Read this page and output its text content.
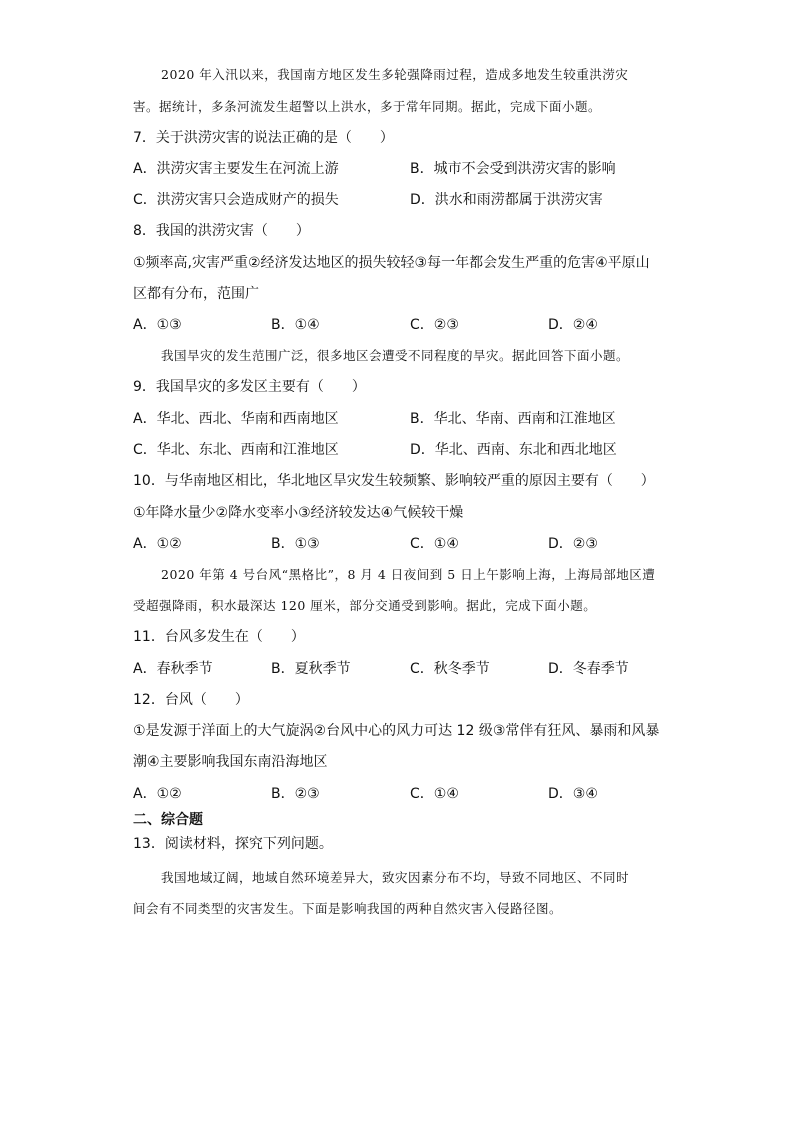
2020 年入汛以来，我国南方地区发生多轮强降雨过程，造成多地发生较重洪涝灾
害。据统计，多条河流发生超警以上洪水，多于常年同期。据此，完成下面小题。
7．关于洪涝灾害的说法正确的是（　　）
A．洪涝灾害主要发生在河流上游	B．城市不会受到洪涝灾害的影响
C．洪涝灾害只会造成财产的损失	D．洪水和雨涝都属于洪涝灾害
8．我国的洪涝灾害（　　）
①频率高,灾害严重②经济发达地区的损失较轻③每一年都会发生严重的危害④平原山
区都有分布，范围广
A．①③	B．①④	C．②③	D．②④
我国旱灾的发生范围广泛，很多地区会遭受不同程度的旱灾。据此回答下面小题。
9．我国旱灾的多发区主要有（　　）
A．华北、西北、华南和西南地区	B．华北、华南、西南和江淮地区
C．华北、东北、西南和江淮地区	D．华北、西南、东北和西北地区
10．与华南地区相比，华北地区旱灾发生较频繁、影响较严重的原因主要有（　　）
①年降水量少②降水变率小③经济较发达④气候较干燥
A．①②	B．①③	C．①④	D．②③
2020 年第 4 号台风“黑格比”，8 月 4 日夜间到 5 日上午影响上海，上海局部地区遭
受超强降雨，积水最深达 120 厘米，部分交通受到影响。据此，完成下面小题。
11．台风多发生在（　　）
A．春秋季节	B．夏秋季节	C．秋冬季节	D．冬春季节
12．台风（　　）
①是发源于洋面上的大气旋涡②台风中心的风力可达 12 级③常伴有狂风、暴雨和风暴
潮④主要影响我国东南沿海地区
A．①②	B．②③	C．①④	D．③④
二、综合题
13．阅读材料，探究下列问题。
我国地域辽阔，地域自然环境差异大，致灾因素分布不均，导致不同地区、不同时
间会有不同类型的灾害发生。下面是影响我国的两种自然灾害入侵路径图。
